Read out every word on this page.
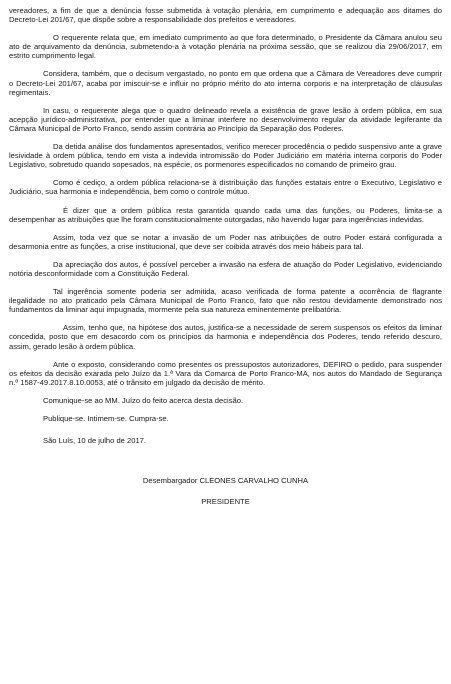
vereadores, a fim de que a denúncia fosse submetida à votação plenária, em cumprimento e adequação aos ditames do Decreto-Lei 201/67, que dispõe sobre a responsabilidade dos prefeitos e vereadores.

O requerente relata que, em imediato cumprimento ao que fora determinado, o Presidente da Câmara anulou seu ato de arquivamento da denúncia, submetendo-a à votação plenária na próxima sessão, que se realizou dia 29/06/2017, em estrito cumprimento legal.

Considera, também, que o decisum vergastado, no ponto em que ordena que a Câmara de Vereadores deve cumprir o Decreto-Lei 201/67, acaba por imiscuir-se e influir no próprio mérito do ato interna corporis e na interpretação de cláusulas regimentais.

In casu, o requerente alega que o quadro delineado revela a existência de grave lesão à ordem pública, em sua acepção jurídico-administrativa, por entender que a liminar interfere no desenvolvimento regular da atividade legiferante da Câmara Municipal de Porto Franco, sendo assim contrária ao Princípio da Separação dos Poderes.

Da detida análise dos fundamentos apresentados, verifico merecer procedência o pedido suspensivo ante a grave lesividade à ordem pública, tendo em vista a indevida intromissão do Poder Judiciário em matéria interna corporis do Poder Legislativo, sobretudo quando sopesados, na espécie, os pormenores especificados no comando de primeiro grau.

Como é cediço, a ordem pública relaciona-se à distribuição das funções estatais entre o Executivo, Legislativo e Judiciário, sua harmonia e independência, bem como o controle mútuo.

É dizer que a ordem pública resta garantida quando cada uma das funções, ou Poderes, limita-se a desempenhar as atribuições que lhe foram constitucionalmente outorgadas, não havendo lugar para ingerências indevidas.

Assim, toda vez que se notar a invasão de um Poder nas atribuições de outro Poder estará configurada a desarmonia entre as funções, a crise institucional, que deve ser coibida através dos meio hábeis para tal.

Da apreciação dos autos, é possível perceber a invasão na esfera de atuação do Poder Legislativo, evidenciando notória desconformidade com a Constituição Federal.

Tal ingerência somente poderia ser admitida, acaso verificada de forma patente a ocorrência de flagrante ilegalidade no ato praticado pela Câmara Municipal de Porto Franco, fato que não restou devidamente demonstrado nos fundamentos da liminar aqui impugnada, mormente pela sua natureza eminentemente prelibatória.

Assim, tenho que, na hipótese dos autos, justifica-se a necessidade de serem suspensos os efeitos da liminar concedida, posto que em desacordo com os princípios da harmonia e independência dos Poderes, tendo referido descuro, assim, gerado lesão à ordem pública.

Ante o exposto, considerando como presentes os pressupostos autorizadores, DEFIRO o pedido, para suspender os efeitos da decisão exarada pelo Juízo da 1.ª Vara da Comarca de Porto Franco-MA, nos autos do Mandado de Segurança n.º 1587-49.2017.8.10.0053, até o trânsito em julgado da decisão de mérito.

Comunique-se ao MM. Juízo do feito acerca desta decisão.

Publique-se. Intimem-se. Cumpra-se.

São Luís, 10 de julho de 2017.

Desembargador CLEONES CARVALHO CUNHA

PRESIDENTE
